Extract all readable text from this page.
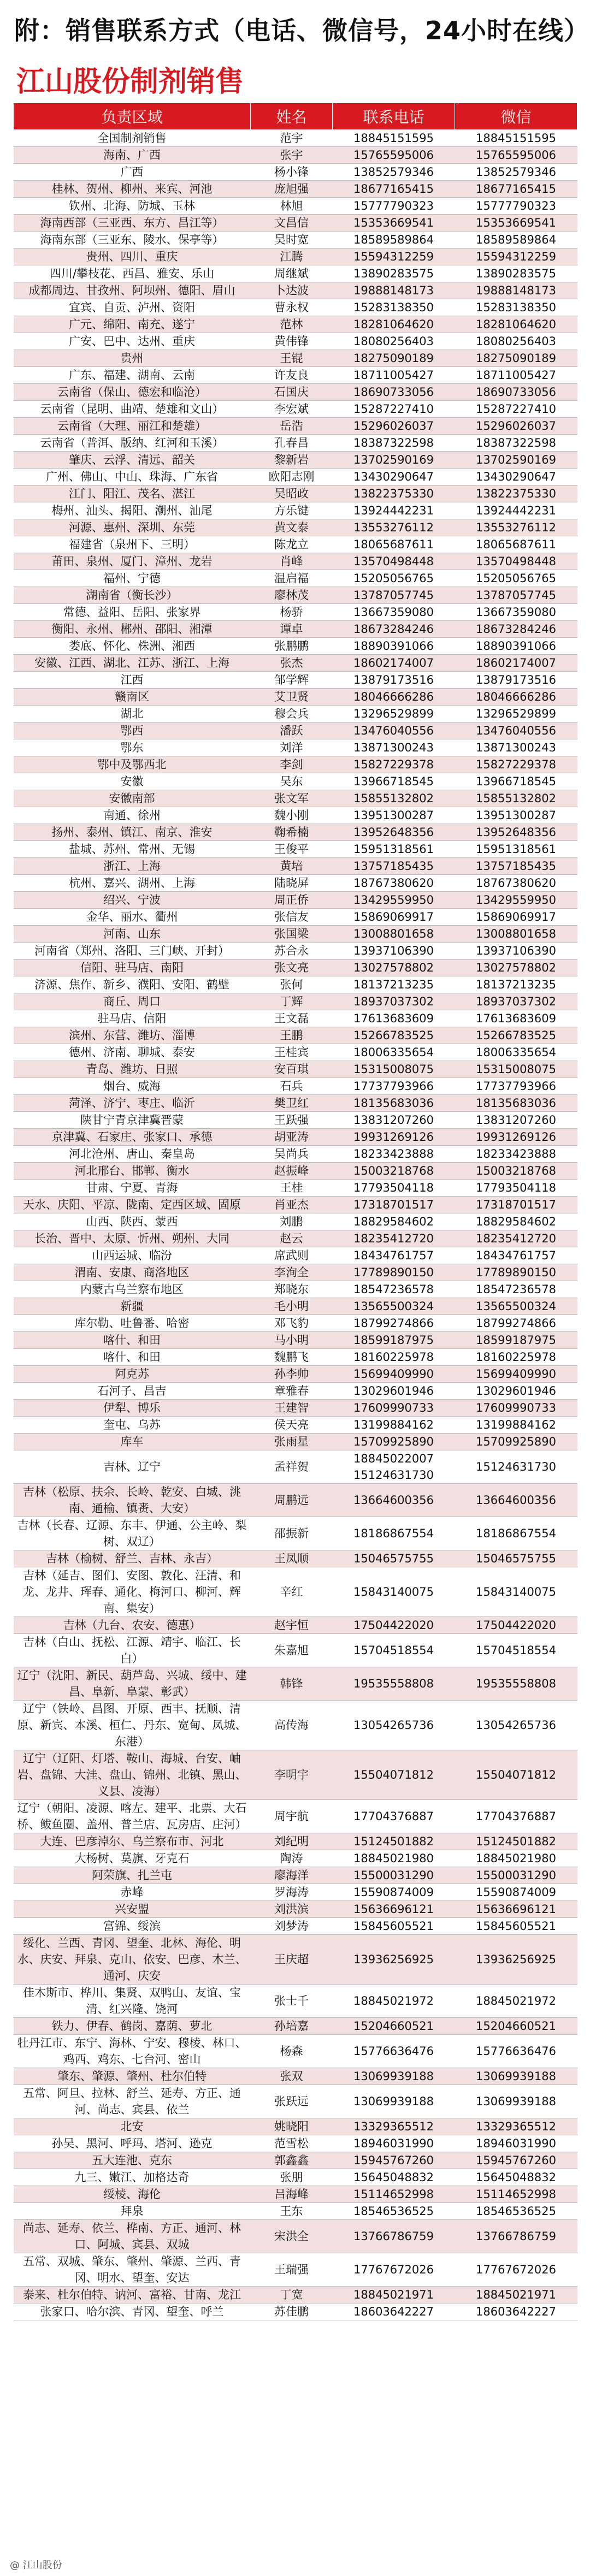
附：销售联系方式（电话、微信号，24小时在线）
江山股份制剂销售
负责区域	姓名	联系电话	微信
全国制剂销售	范宇	18845151595	18845151595
海南、广西	张宇	15765595006	15765595006
广西	杨小锋	13852579346	13852579346
桂林、贺州、柳州、来宾、河池	庞旭强	18677165415	18677165415
钦州、北海、防城、玉林	林旭	15777790323	15777790323
海南西部（三亚西、东方、昌江等）	文昌信	15353669541	15353669541
海南东部（三亚东、陵水、保亭等）	吴时宽	18589589864	18589589864
贵州、四川、重庆	江腾	15594312259	15594312259
四川/攀枝花、西昌、雅安、乐山	周继斌	13890283575	13890283575
成都周边、甘孜州、阿坝州、德阳、眉山	卜达波	19888148173	19888148173
宜宾、自贡、泸州、资阳	曹永权	15283138350	15283138350
广元、绵阳、南充、遂宁	范林	18281064620	18281064620
广安、巴中、达州、重庆	黄伟锋	18080256403	18080256403
贵州	王锟	18275090189	18275090189
广东、福建、湖南、云南	许友良	18711005427	18711005427
云南省（保山、德宏和临沧）	石国庆	18690733056	18690733056
云南省（昆明、曲靖、楚雄和文山）	李宏斌	15287227410	15287227410
云南省（大理、丽江和楚雄）	岳浩	15296026037	15296026037
云南省（普洱、版纳、红河和玉溪）	孔春昌	18387322598	18387322598
肇庆、云浮、清远、韶关	黎新岩	13702590169	13702590169
广州、佛山、中山、珠海、广东省	欧阳志刚	13430290647	13430290647
江门、阳江、茂名、湛江	吴昭政	13822375330	13822375330
梅州、汕头、揭阳、潮州、汕尾	方乐键	13924442231	13924442231
河源、惠州、深圳、东莞	黄文泰	13553276112	13553276112
福建省（泉州下、三明）	陈龙立	18065687611	18065687611
莆田、泉州、厦门、漳州、龙岩	肖峰	13570498448	13570498448
福州、宁德	温启福	15205056765	15205056765
湖南省（衡长沙）	廖林茂	13787057745	13787057745
常德、益阳、岳阳、张家界	杨骄	13667359080	13667359080
衡阳、永州、郴州、邵阳、湘潭	谭卓	18673284246	18673284246
娄底、怀化、株洲、湘西	张鹏鹏	18890391066	18890391066
安徽、江西、湖北、江苏、浙江、上海	张杰	18602174007	18602174007
江西	邹学辉	13879173516	13879173516
赣南区	艾卫贤	18046666286	18046666286
湖北	穆会兵	13296529899	13296529899
鄂西	潘跃	13476040556	13476040556
鄂东	刘洋	13871300243	13871300243
鄂中及鄂西北	李剑	15827229378	15827229378
安徽	吴东	13966718545	13966718545
安徽南部	张文军	15855132802	15855132802
南通、徐州	魏小刚	13951300287	13951300287
扬州、泰州、镇江、南京、淮安	鞠希楠	13952648356	13952648356
盐城、苏州、常州、无锡	王俊平	15951318561	15951318561
浙江、上海	黄培	13757185435	13757185435
杭州、嘉兴、湖州、上海	陆晓屏	18767380620	18767380620
绍兴、宁波	周正侨	13429559950	13429559950
金华、丽水、衢州	张信友	15869069917	15869069917
河南、山东	张国梁	13008801658	13008801658
河南省（郑州、洛阳、三门峡、开封）	苏合永	13937106390	13937106390
信阳、驻马店、南阳	张文亮	13027578802	13027578802
济源、焦作、新乡、濮阳、安阳、鹤壁	张何	18137213235	18137213235
商丘、周口	丁辉	18937037302	18937037302
驻马店、信阳	王文磊	17613683609	17613683609
滨州、东营、潍坊、淄博	王鹏	15266783525	15266783525
德州、济南、聊城、泰安	王桂宾	18006335654	18006335654
青岛、潍坊、日照	安百琪	15315008075	15315008075
烟台、威海	石兵	17737793966	17737793966
菏泽、济宁、枣庄、临沂	樊卫红	18135683036	18135683036
陕甘宁青京津冀晋蒙	王跃强	13831207260	13831207260
京津冀、石家庄、张家口、承德	胡亚涛	19931269126	19931269126
河北沧州、唐山、秦皇岛	吴尚兵	18233423888	18233423888
河北邢台、邯郸、衡水	赵振峰	15003218768	15003218768
甘肃、宁夏、青海	王桂	17793504118	17793504118
天水、庆阳、平凉、陇南、定西区域、固原	肖亚杰	17318701517	17318701517
山西、陕西、蒙西	刘鹏	18829584602	18829584602
长治、晋中、太原、忻州、朔州、大同	赵云	18235412720	18235412720
山西运城、临汾	席武则	18434761757	18434761757
渭南、安康、商洛地区	李洵全	17789890150	17789890150
内蒙古乌兰察布地区	郑晓东	18547236578	18547236578
新疆	毛小明	13565500324	13565500324
库尔勒、吐鲁番、哈密	邓飞豹	18799274866	18799274866
喀什、和田	马小明	18599187975	18599187975
喀什、和田	魏鹏飞	18160225978	18160225978
阿克苏	孙李帅	15699409990	15699409990
石河子、昌吉	章雅春	13029601946	13029601946
伊犁、博乐	王建智	17609990733	17609990733
奎屯、乌苏	侯天亮	13199884162	13199884162
库车	张雨星	15709925890	15709925890
吉林、辽宁	孟祥贺	18845022007 15124631730	15124631730
吉林（松原、扶余、长岭、乾安、白城、洮南、通榆、镇赉、大安）	周鹏远	13664600356	13664600356
吉林（长春、辽源、东丰、伊通、公主岭、梨树、双辽）	邵振新	18186867554	18186867554
吉林（榆树、舒兰、吉林、永吉）	王凤顺	15046575755	15046575755
吉林（延吉、图们、安图、敦化、汪清、和龙、龙井、珲春、通化、梅河口、柳河、辉南、集安）	辛红	15843140075	15843140075
吉林（九台、农安、德惠）	赵宇恒	17504422020	17504422020
吉林（白山、抚松、江源、靖宇、临江、长白）	朱嘉旭	15704518554	15704518554
辽宁（沈阳、新民、葫芦岛、兴城、绥中、建昌、阜新、阜蒙、彰武）	韩锋	19535558808	19535558808
辽宁（铁岭、昌图、开原、西丰、抚顺、清原、新宾、本溪、桓仁、丹东、宽甸、凤城、东港）	高传海	13054265736	13054265736
辽宁（辽阳、灯塔、鞍山、海城、台安、岫岩、盘锦、大洼、盘山、锦州、北镇、黑山、义县、凌海）	李明宇	15504071812	15504071812
辽宁（朝阳、凌源、喀左、建平、北票、大石桥、鲅鱼圈、盖州、普兰店、瓦房店、庄河）	周宇航	17704376887	17704376887
大连、巴彦淖尔、乌兰察布市、河北	刘纪明	15124501882	15124501882
大杨树、莫旗、牙克石	陶涛	18845021980	18845021980
阿荣旗、扎兰屯	廖海洋	15500031290	15500031290
赤峰	罗海涛	15590874009	15590874009
兴安盟	刘洪滨	15636696121	15636696121
富锦、绥滨	刘梦涛	15845605521	15845605521
绥化、兰西、青冈、望奎、北林、海伦、明水、庆安、拜泉、克山、依安、巴彦、木兰、通河、庆安	王庆超	13936256925	13936256925
佳木斯市、桦川、集贤、双鸭山、友谊、宝清、红兴隆、饶河	张士千	18845021972	18845021972
铁力、伊春、鹤岗、嘉荫、萝北	孙培嘉	15204660521	15204660521
牡丹江市、东宁、海林、宁安、穆棱、林口、鸡西、鸡东、七台河、密山	杨森	15776636476	15776636476
肇东、肇源、肇州、杜尔伯特	张双	13069939188	13069939188
五常、阿旦、拉林、舒兰、延寿、方正、通河、尚志、宾县、依兰	张跃远	13069939188	13069939188
北安	姚晓阳	13329365512	13329365512
孙吴、黑河、呼玛、塔河、逊克	范雪松	18946031990	18946031990
五大连池、克东	郭鑫鑫	15945767260	15945767260
九三、嫩江、加格达奇	张朋	15645048832	15645048832
绥棱、海伦	吕海峰	15114652998	15114652998
拜泉	王东	18546536525	18546536525
尚志、延寿、依兰、桦南、方正、通河、林口、阿城、宾县、双城	宋洪全	13766786759	13766786759
五常、双城、肇东、肇州、肇源、兰西、青冈、明水、望奎、安达	王瑞强	17767672026	17767672026
泰来、杜尔伯特、讷河、富裕、甘南、龙江	丁宽	18845021971	18845021971
张家口、哈尔滨、青冈、望奎、呼兰	苏佳鹏	18603642227	18603642227
@ 江山股份
